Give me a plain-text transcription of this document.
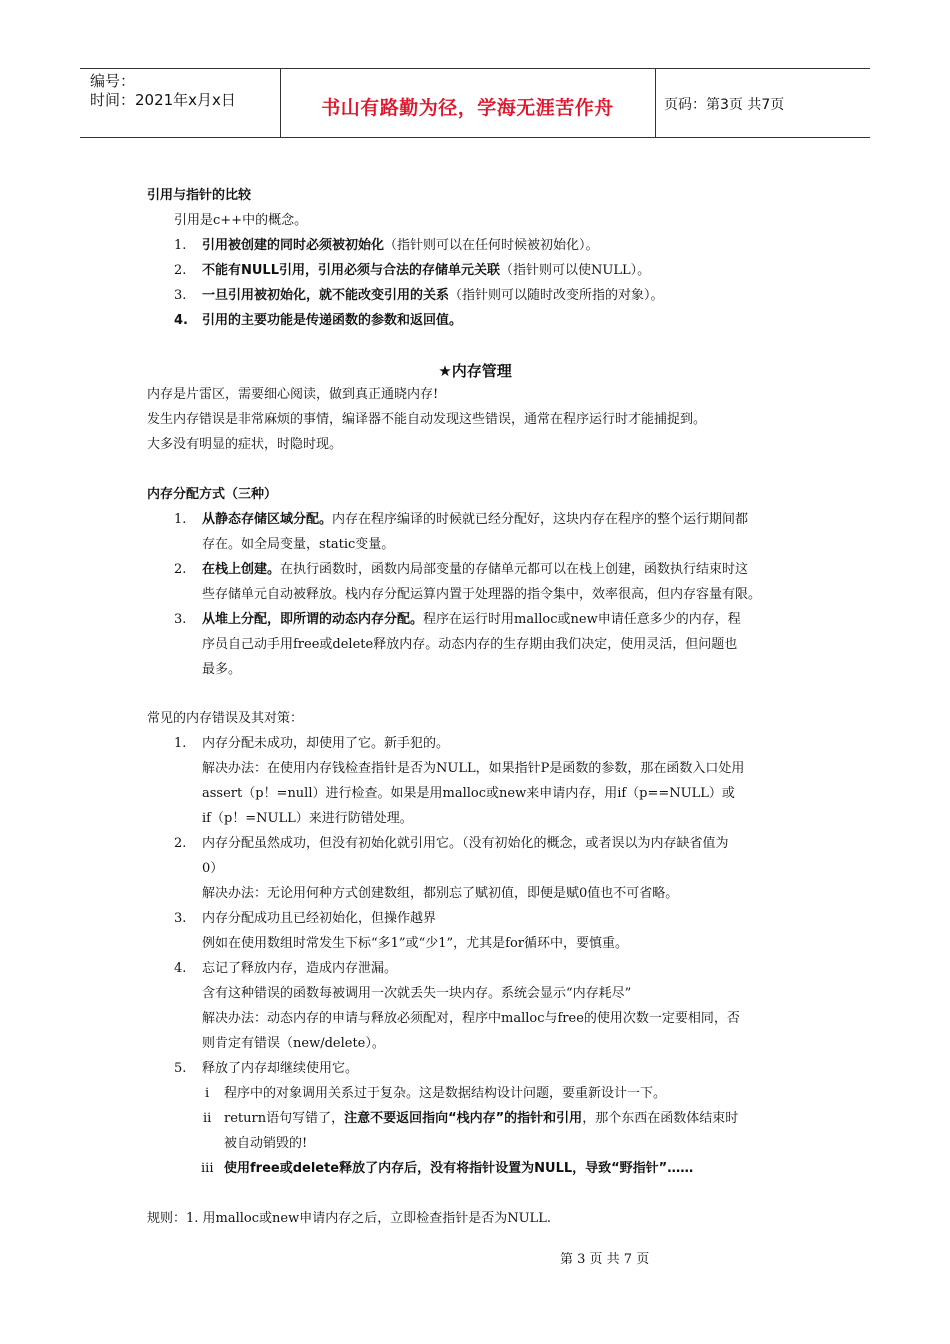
编号：
时间：2021年x月x日	书山有路勤为径，学海无涯苦作舟	页码：第3页 共7页
引用与指针的比较
引用是c++中的概念。
1. 引用被创建的同时必须被初始化（指针则可以在任何时候被初始化）。
2. 不能有NULL引用，引用必须与合法的存储单元关联（指针则可以使NULL）。
3. 一旦引用被初始化，就不能改变引用的关系（指针则可以随时改变所指的对象）。
4. 引用的主要功能是传递函数的参数和返回值。
★内存管理
内存是片雷区，需要细心阅读，做到真正通晓内存!
发生内存错误是非常麻烦的事情，编译器不能自动发现这些错误，通常在程序运行时才能捕捉到。
大多没有明显的症状，时隐时现。
内存分配方式（三种）
1. 从静态存储区域分配。内存在程序编译的时候就已经分配好，这块内存在程序的整个运行期间都
存在。如全局变量，static变量。
2. 在栈上创建。在执行函数时，函数内局部变量的存储单元都可以在栈上创建，函数执行结束时这
些存储单元自动被释放。栈内存分配运算内置于处理器的指令集中，效率很高，但内存容量有限。
3. 从堆上分配，即所谓的动态内存分配。程序在运行时用malloc或new申请任意多少的内存，程
序员自己动手用free或delete释放内存。动态内存的生存期由我们决定，使用灵活，但问题也
最多。
常见的内存错误及其对策：
1. 内存分配未成功，却使用了它。新手犯的。
解决办法：在使用内存钱检查指针是否为NULL，如果指针P是函数的参数，那在函数入口处用
assert（p！=null）进行检查。如果是用malloc或new来申请内存，用if（p==NULL）或
if（p！=NULL）来进行防错处理。
2. 内存分配虽然成功，但没有初始化就引用它。（没有初始化的概念，或者误以为内存缺省值为
0）
解决办法：无论用何种方式创建数组，都别忘了赋初值，即便是赋0值也不可省略。
3. 内存分配成功且已经初始化，但操作越界
例如在使用数组时常发生下标“多1”或“少1”，尤其是for循环中，要慎重。
4. 忘记了释放内存，造成内存泄漏。
含有这种错误的函数每被调用一次就丢失一块内存。系统会显示“内存耗尽”
解决办法：动态内存的申请与释放必须配对，程序中malloc与free的使用次数一定要相同，否
则肯定有错误（new/delete）。
5. 释放了内存却继续使用它。
i 程序中的对象调用关系过于复杂。这是数据结构设计问题，要重新设计一下。
ii return语句写错了，注意不要返回指向“栈内存”的指针和引用，那个东西在函数体结束时
被自动销毁的!
iii 使用free或delete释放了内存后，没有将指针设置为NULL，导致“野指针”……
规则：1. 用malloc或new申请内存之后，立即检查指针是否为NULL.
第 3 页 共 7 页
